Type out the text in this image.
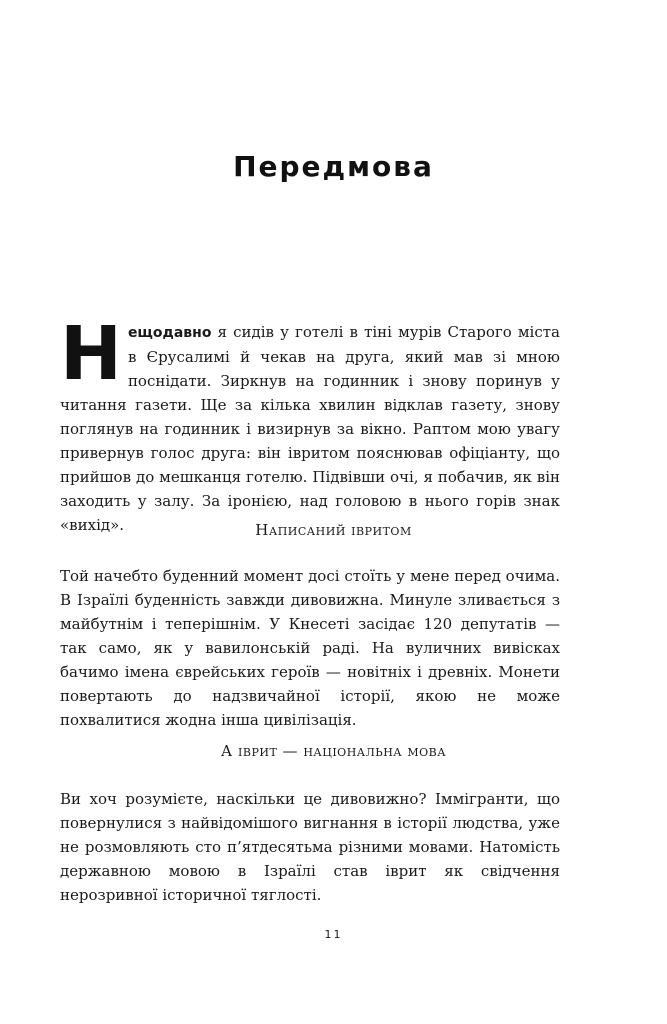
Передмова

Нещодавно я сидів у готелі в тіні мурів Старого міста в Єрусалимі й чекав на друга, який мав зі мною поснідати. Зиркнув на годинник і знову поринув у читання газети. Ще за кілька хвилин відклав газету, знову поглянув на годинник і визирнув за вікно. Раптом мою увагу привернув голос друга: він івритом пояснював офіціанту, що прийшов до мешканця готелю. Підвівши очі, я побачив, як він заходить у залу. За іронією, над головою в нього горів знак «вихід».	Написаний івритом

Той начебто буденний момент досі стоїть у мене перед очима. В Ізраїлі буденність завжди дивовижна. Минуле зливається з майбутнім і теперішнім. У Кнесеті засідає 120 депутатів — так само, як у вавилонській раді. На вуличних вивісках бачимо імена єврейських героїв — новітніх і древніх. Монети повертають до надзвичайної історії, якою не може похвалитися жодна інша цивілізація.

А іврит — національна мова

Ви хоч розумієте, наскільки це дивовижно? Іммігранти, що повернулися з найвідомішого вигнання в історії людства, уже не розмовляють сто п’ятдесятьма різними мовами. Натомість державною мовою в Ізраїлі став іврит як свідчення нерозривної історичної тяглості.

11
